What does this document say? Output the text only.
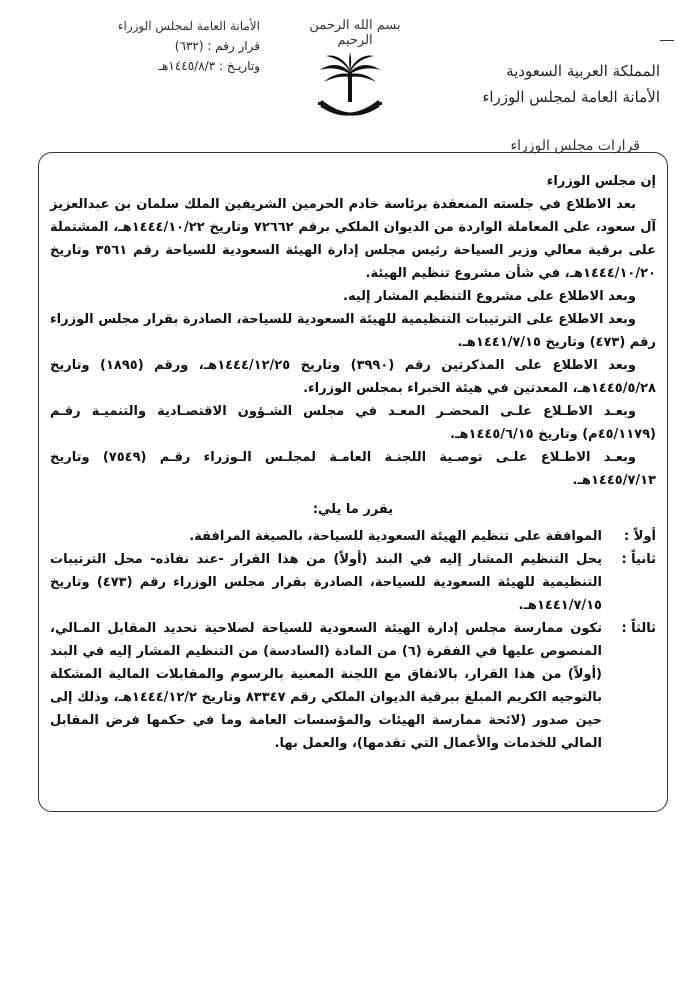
الأمانة العامة لمجلس الوزراء
قرار رقم : (٦٣٢)
وتاريـخ : ١٤٤٥/٨/٣هـ
بسم الله الرحمن الرحيم
المملكة العربية السعودية
الأمانة العامة لمجلس الوزراء
قرارات مجلس الوزراء

إن مجلس الوزراء

بعد الاطلاع في جلسته المنعقدة برئاسة خادم الحرمين الشريفين الملك سلمان بن عبدالعزيز آل سعود، على المعاملة الواردة من الديوان الملكي برقم ٧٢٦٦٢ وتاريخ ١٤٤٤/١٠/٢٢هـ، المشتملة على برقية معالي وزير السياحة رئيس مجلس إدارة الهيئة السعودية للسياحة رقم ٣٥٦١ وتاريخ ١٤٤٤/١٠/٢٠هـ، في شأن مشروع تنظيم الهيئة.

وبعد الاطلاع على مشروع التنظيم المشار إليه.

وبعد الاطلاع على الترتيبات التنظيمية للهيئة السعودية للسياحة، الصادرة بقرار مجلس الوزراء رقم (٤٧٣) وتاريخ ١٤٤١/٧/١٥هـ.

وبعد الاطلاع على المذكرتين رقم (٣٩٩٠) وتاريخ ١٤٤٤/١٢/٢٥هـ، ورقم (١٨٩٥) وتاريخ ١٤٤٥/٥/٢٨هـ، المعدتين في هيئة الخبراء بمجلس الوزراء.

وبعـد الاطـلاع علـى المحضـر المعـد في مجلس الشـؤون الاقتصـادية والتنميـة رقـم (٤٥/١١٧٩م) وتاريخ ١٤٤٥/٦/١٥هـ.

وبعـد الاطـلاع علـى توصـية اللجنـة العامـة لمجلـس الـوزراء رقـم (٧٥٤٩) وتاريخ ١٤٤٥/٧/١٣هـ.

يقرر ما يلي:

أولاً :
الموافقة على تنظيم الهيئة السعودية للسياحة، بالصيغة المرافقة.
ثانياً :
يحل التنظيم المشار إليه في البند (أولاً) من هذا القرار -عند نفاذه- محل الترتيبات التنظيمية للهيئة السعودية للسياحة، الصادرة بقرار مجلس الوزراء رقم (٤٧٣) وتاريخ ١٤٤١/٧/١٥هـ.
ثالثاً :
تكون ممارسة مجلس إدارة الهيئة السعودية للسياحة لصلاحية تحديد المقابل المـالي، المنصوص عليها في الفقرة (٦) من المادة (السادسة) من التنظيم المشار إليه في البند (أولاً) من هذا القرار، بالاتفاق مع اللجنة المعنية بالرسوم والمقابلات المالية المشكلة بالتوجيه الكريم المبلغ ببرقية الديوان الملكي رقم ٨٣٣٤٧ وتاريخ ١٤٤٤/١٢/٢هـ، وذلك إلى حين صدور (لائحة ممارسة الهيئات والمؤسسات العامة وما في حكمها فرض المقابل المالي للخدمات والأعمال التي تقدمها)، والعمل بها.
